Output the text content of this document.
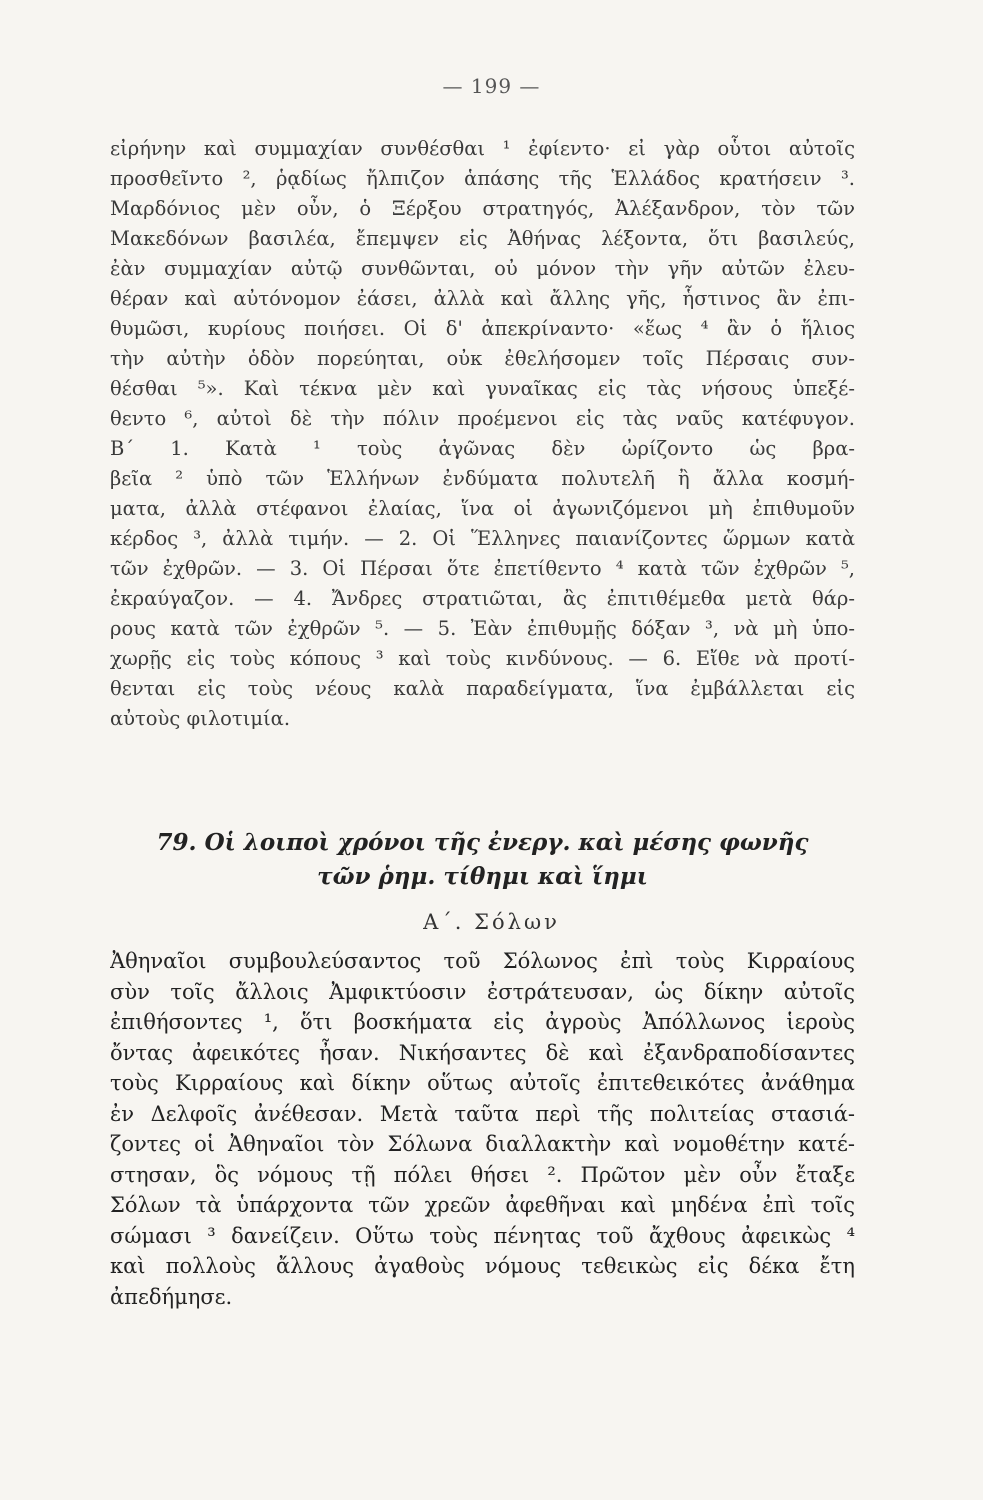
— 199 —
εἰρήνην καὶ συμμαχίαν συνθέσθαι ¹ ἐφίεντο· εἰ γὰρ οὗτοι αὐτοῖς
προσθεῖντο ², ῥᾳδίως ἤλπιζον ἁπάσης τῆς Ἑλλάδος κρατήσειν ³.
Μαρδόνιος μὲν οὖν, ὁ Ξέρξου στρατηγός, Ἀλέξανδρον, τὸν τῶν
Μακεδόνων βασιλέα, ἔπεμψεν εἰς Ἀθήνας λέξοντα, ὅτι βασιλεύς,
ἐὰν συμμαχίαν αὐτῷ συνθῶνται, οὐ μόνον τὴν γῆν αὐτῶν ἐλευ-
θέραν καὶ αὐτόνομον ἐάσει, ἀλλὰ καὶ ἄλλης γῆς, ἧστινος ἂν ἐπι-
θυμῶσι, κυρίους ποιήσει. Οἱ δ' ἀπεκρίναντο· «ἕως ⁴ ἂν ὁ ἥλιος
τὴν αὐτὴν ὁδὸν πορεύηται, οὐκ ἐθελήσομεν τοῖς Πέρσαις συν-
θέσθαι ⁵». Καὶ τέκνα μὲν καὶ γυναῖκας εἰς τὰς νήσους ὑπεξέ-
θεντο ⁶, αὐτοὶ δὲ τὴν πόλιν προέμενοι εἰς τὰς ναῦς κατέφυγον.
Β΄ 1. Κατὰ ¹ τοὺς ἀγῶνας δὲν ὠρίζοντο ὡς βρα-
βεῖα ² ὑπὸ τῶν Ἑλλήνων ἐνδύματα πολυτελῆ ἢ ἄλλα κοσμή-
ματα, ἀλλὰ στέφανοι ἐλαίας, ἵνα οἱ ἀγωνιζόμενοι μὴ ἐπιθυμοῦν
κέρδος ³, ἀλλὰ τιμήν. — 2. Οἱ Ἕλληνες παιανίζοντες ὥρμων κατὰ
τῶν ἐχθρῶν. — 3. Οἱ Πέρσαι ὅτε ἐπετίθεντο ⁴ κατὰ τῶν ἐχθρῶν ⁵,
ἐκραύγαζον. — 4. Ἄνδρες στρατιῶται, ἂς ἐπιτιθέμεθα μετὰ θάρ-
ρους κατὰ τῶν ἐχθρῶν ⁵. — 5. Ἐὰν ἐπιθυμῇς δόξαν ³, νὰ μὴ ὑπο-
χωρῇς εἰς τοὺς κόπους ³ καὶ τοὺς κινδύνους. — 6. Εἴθε νὰ προτί-
θενται εἰς τοὺς νέους καλὰ παραδείγματα, ἵνα ἐμβάλλεται εἰς
αὐτοὺς φιλοτιμία.
79. Οἱ λοιποὶ χρόνοι τῆς ἐνεργ. καὶ μέσης φωνῆς
τῶν ῥημ. τίθημι καὶ ἵημι
Α΄. Σόλων
Ἀθηναῖοι συμβουλεύσαντος τοῦ Σόλωνος ἐπὶ τοὺς Κιρραίους
σὺν τοῖς ἄλλοις Ἀμφικτύοσιν ἐστράτευσαν, ὡς δίκην αὐτοῖς
ἐπιθήσοντες ¹, ὅτι βοσκήματα εἰς ἀγροὺς Ἀπόλλωνος ἱεροὺς
ὄντας ἀφεικότες ἦσαν. Νικήσαντες δὲ καὶ ἐξανδραποδίσαντες
τοὺς Κιρραίους καὶ δίκην οὕτως αὐτοῖς ἐπιτεθεικότες ἀνάθημα
ἐν Δελφοῖς ἀνέθεσαν. Μετὰ ταῦτα περὶ τῆς πολιτείας στασιά-
ζοντες οἱ Ἀθηναῖοι τὸν Σόλωνα διαλλακτὴν καὶ νομοθέτην κατέ-
στησαν, ὃς νόμους τῇ πόλει θήσει ². Πρῶτον μὲν οὖν ἔταξε
Σόλων τὰ ὑπάρχοντα τῶν χρεῶν ἀφεθῆναι καὶ μηδένα ἐπὶ τοῖς
σώμασι ³ δανείζειν. Οὕτω τοὺς πένητας τοῦ ἄχθους ἀφεικὼς ⁴
καὶ πολλοὺς ἄλλους ἀγαθοὺς νόμους τεθεικὼς εἰς δέκα ἔτη
ἀπεδήμησε.
